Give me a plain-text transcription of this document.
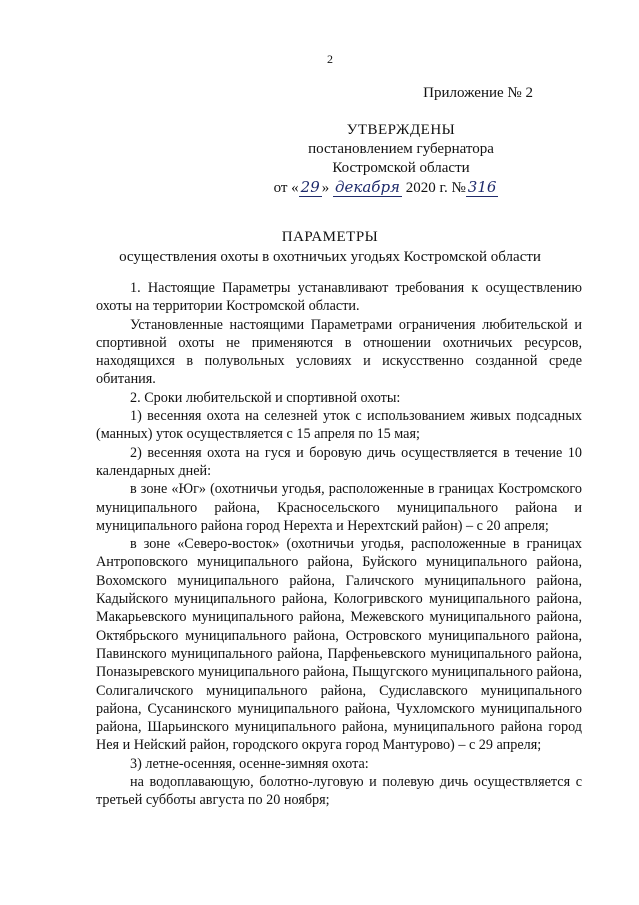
2
Приложение № 2
УТВЕРЖДЕНЫ
постановлением губернатора
Костромской области
от « 29 » декабря 2020 г. № 316
ПАРАМЕТРЫ
осуществления охоты в охотничьих угодьях Костромской области

1. Настоящие Параметры устанавливают требования к осуществлению охоты на территории Костромской области.

Установленные настоящими Параметрами ограничения любительской и спортивной охоты не применяются в отношении охотничьих ресурсов, находящихся в полувольных условиях и искусственно созданной среде обитания.

2. Сроки любительской и спортивной охоты:

1) весенняя охота на селезней уток с использованием живых подсадных (манных) уток осуществляется с 15 апреля по 15 мая;

2) весенняя охота на гуся и боровую дичь осуществляется в течение 10 календарных дней:

в зоне «Юг» (охотничьи угодья, расположенные в границах Костромского муниципального района, Красносельского муниципального района и муниципального района город Нерехта и Нерехтский район) – с 20 апреля;

в зоне «Северо-восток» (охотничьи угодья, расположенные в границах Антроповского муниципального района, Буйского муниципального района, Вохомского муниципального района, Галичского муниципального района, Кадыйского муниципального района, Кологривского муниципального района, Макарьевского муниципального района, Межевского муниципального района, Октябрьского муниципального района, Островского муниципального района, Павинского муниципального района, Парфеньевского муниципального района, Поназыревского муниципального района, Пыщугского муниципального района, Солигаличского муниципального района, Судиславского муниципального района, Сусанинского муниципального района, Чухломского муниципального района, Шарьинского муниципального района, муниципального района город Нея и Нейский район, городского округа город Мантурово) – с 29 апреля;

3) летне-осенняя, осенне-зимняя охота:

на водоплавающую, болотно-луговую и полевую дичь осуществляется с третьей субботы августа по 20 ноября;
